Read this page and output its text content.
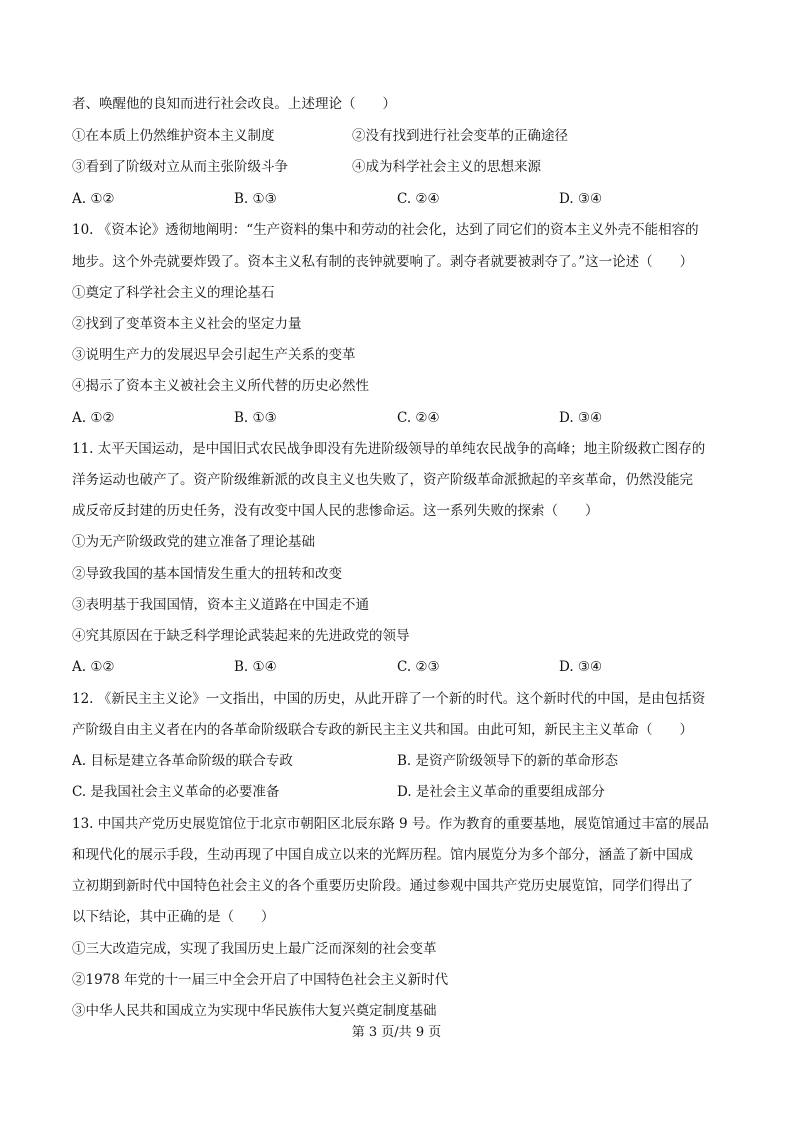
者、唤醒他的良知而进行社会改良。上述理论（　　）
①在本质上仍然维护资本主义制度	②没有找到进行社会变革的正确途径
③看到了阶级对立从而主张阶级斗争	④成为科学社会主义的思想来源
A. ①②	B. ①③	C. ②④	D. ③④
10. 《资本论》透彻地阐明：“生产资料的集中和劳动的社会化，达到了同它们的资本主义外壳不能相容的
地步。这个外壳就要炸毁了。资本主义私有制的丧钟就要响了。剥夺者就要被剥夺了。”这一论述（　　）
①奠定了科学社会主义的理论基石
②找到了变革资本主义社会的坚定力量
③说明生产力的发展迟早会引起生产关系的变革
④揭示了资本主义被社会主义所代替的历史必然性
A. ①②	B. ①③	C. ②④	D. ③④
11. 太平天国运动，是中国旧式农民战争即没有先进阶级领导的单纯农民战争的高峰；地主阶级救亡图存的
洋务运动也破产了。资产阶级维新派的改良主义也失败了，资产阶级革命派掀起的辛亥革命，仍然没能完
成反帝反封建的历史任务，没有改变中国人民的悲惨命运。这一系列失败的探索（　　）
①为无产阶级政党的建立准备了理论基础
②导致我国的基本国情发生重大的扭转和改变
③表明基于我国国情，资本主义道路在中国走不通
④究其原因在于缺乏科学理论武装起来的先进政党的领导
A. ①②	B. ①④	C. ②③	D. ③④
12. 《新民主主义论》一文指出，中国的历史，从此开辟了一个新的时代。这个新时代的中国，是由包括资
产阶级自由主义者在内的各革命阶级联合专政的新民主主义共和国。由此可知，新民主主义革命（　　）
A. 目标是建立各革命阶级的联合专政	B. 是资产阶级领导下的新的革命形态
C. 是我国社会主义革命的必要准备	D. 是社会主义革命的重要组成部分
13. 中国共产党历史展览馆位于北京市朝阳区北辰东路 9 号。作为教育的重要基地，展览馆通过丰富的展品
和现代化的展示手段，生动再现了中国自成立以来的光辉历程。馆内展览分为多个部分，涵盖了新中国成
立初期到新时代中国特色社会主义的各个重要历史阶段。通过参观中国共产党历史展览馆，同学们得出了
以下结论，其中正确的是（　　）
①三大改造完成，实现了我国历史上最广泛而深刻的社会变革
②1978 年党的十一届三中全会开启了中国特色社会主义新时代
③中华人民共和国成立为实现中华民族伟大复兴奠定制度基础
第 3 页/共 9 页
